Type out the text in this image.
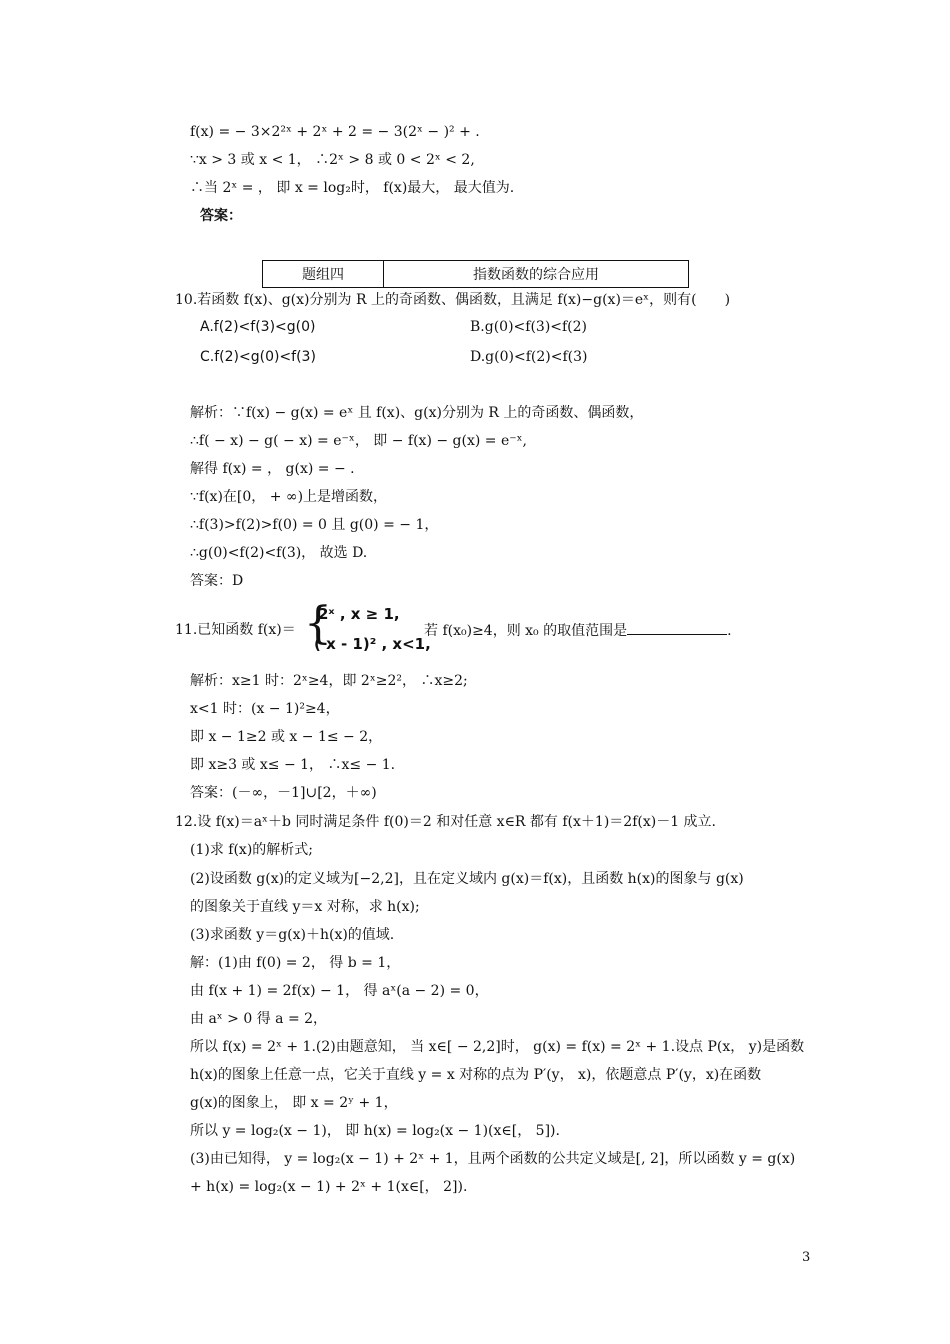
f(x) = − 3×2²ˣ + 2ˣ + 2 = − 3(2ˣ − )² + .
∵x > 3 或 x < 1， ∴2ˣ > 8 或 0 < 2ˣ < 2,
∴当 2ˣ = ， 即 x = log₂时， f(x)最大， 最大值为.
答案：
题组四	指数函数的综合应用
10.若函数 f(x)、g(x)分别为 R 上的奇函数、偶函数，且满足 f(x)−g(x)＝eˣ，则有(　　)
A.f(2)<f(3)<g(0)	B.g(0)<f(3)<f(2)
C.f(2)<g(0)<f(3)	D.g(0)<f(2)<f(3)
解析：∵f(x) − g(x) = eˣ 且 f(x)、g(x)分别为 R 上的奇函数、偶函数，
∴f( − x) − g( − x) = e⁻ˣ， 即 − f(x) − g(x) = e⁻ˣ,
解得 f(x) = ， g(x) = − .
∵f(x)在[0， + ∞)上是增函数，
∴f(3)>f(2)>f(0) = 0 且 g(0) = − 1，
∴g(0)<f(2)<f(3)， 故选 D.
答案：D
11.已知函数 f(x)＝ {
2ˣ , x ≥ 1,
( x - 1)² , x<1,
若 f(x₀)≥4，则 x₀ 的取值范围是	.
解析：x≥1 时：2ˣ≥4，即 2ˣ≥2²， ∴x≥2;
x<1 时：(x − 1)²≥4，
即 x − 1≥2 或 x − 1≤ − 2，
即 x≥3 或 x≤ − 1， ∴x≤ − 1.
答案：(－∞，－1]∪[2，＋∞)
12.设 f(x)＝aˣ＋b 同时满足条件 f(0)＝2 和对任意 x∈R 都有 f(x＋1)＝2f(x)－1 成立.
(1)求 f(x)的解析式;
(2)设函数 g(x)的定义域为[−2,2]，且在定义域内 g(x)＝f(x)，且函数 h(x)的图象与 g(x)
的图象关于直线 y＝x 对称，求 h(x);
(3)求函数 y＝g(x)＋h(x)的值域.
解：(1)由 f(0) = 2， 得 b = 1，
由 f(x + 1) = 2f(x) − 1， 得 aˣ(a − 2) = 0，
由 aˣ > 0 得 a = 2，
所以 f(x) = 2ˣ + 1.(2)由题意知， 当 x∈[ − 2,2]时， g(x) = f(x) = 2ˣ + 1.设点 P(x， y)是函数
h(x)的图象上任意一点，它关于直线 y = x 对称的点为 P′(y， x)，依题意点 P′(y，x)在函数
g(x)的图象上， 即 x = 2ʸ + 1，
所以 y = log₂(x − 1)， 即 h(x) = log₂(x − 1)(x∈[， 5]).
(3)由已知得， y = log₂(x − 1) + 2ˣ + 1，且两个函数的公共定义域是[, 2]，所以函数 y = g(x)
+ h(x) = log₂(x − 1) + 2ˣ + 1(x∈[， 2]).
3
